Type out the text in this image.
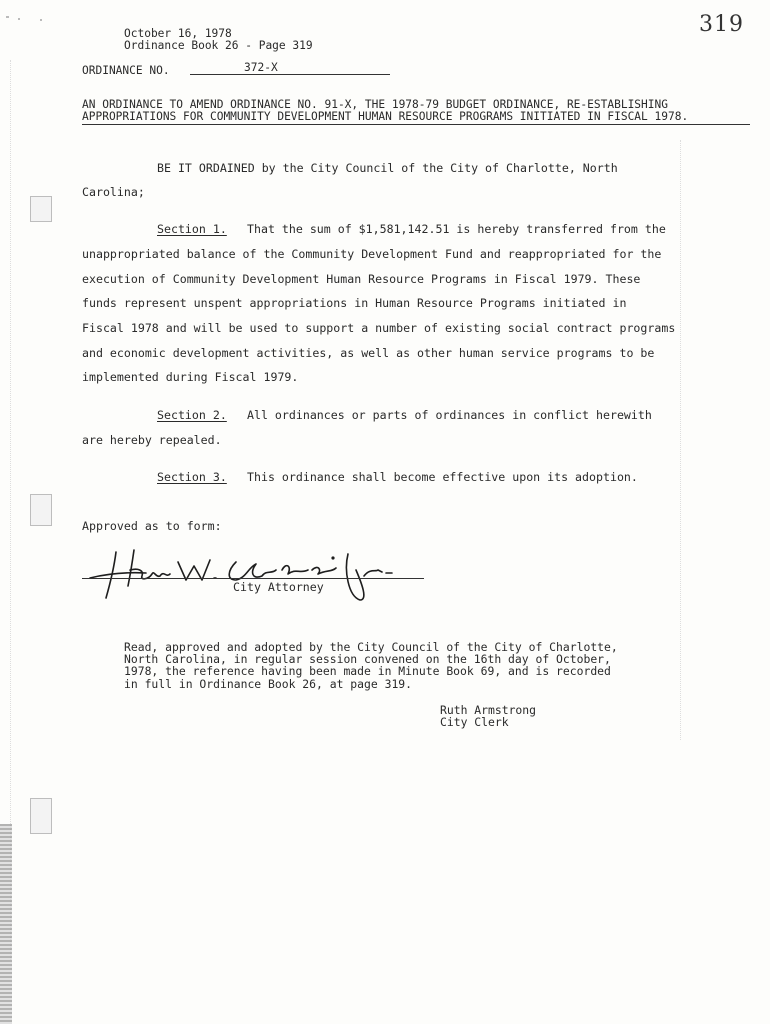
October 16, 1978
Ordinance Book 26 - Page 319
319
ORDINANCE NO.	372-X
AN ORDINANCE TO AMEND ORDINANCE NO. 91-X, THE 1978-79 BUDGET ORDINANCE, RE-ESTABLISHING
APPROPRIATIONS FOR COMMUNITY DEVELOPMENT HUMAN RESOURCE PROGRAMS INITIATED IN FISCAL 1978.
BE IT ORDAINED by the City Council of the City of Charlotte, North
Carolina;
Section 1. That the sum of $1,581,142.51 is hereby transferred from the
unappropriated balance of the Community Development Fund and reappropriated for the
execution of Community Development Human Resource Programs in Fiscal 1979. These
funds represent unspent appropriations in Human Resource Programs initiated in
Fiscal 1978 and will be used to support a number of existing social contract programs
and economic development activities, as well as other human service programs to be
implemented during Fiscal 1979.
Section 2. All ordinances or parts of ordinances in conflict herewith
are hereby repealed.
Section 3. This ordinance shall become effective upon its adoption.
Approved as to form:
City Attorney
Read, approved and adopted by the City Council of the City of Charlotte,
North Carolina, in regular session convened on the 16th day of October,
1978, the reference having been made in Minute Book 69, and is recorded
in full in Ordinance Book 26, at page 319.
Ruth Armstrong
City Clerk
